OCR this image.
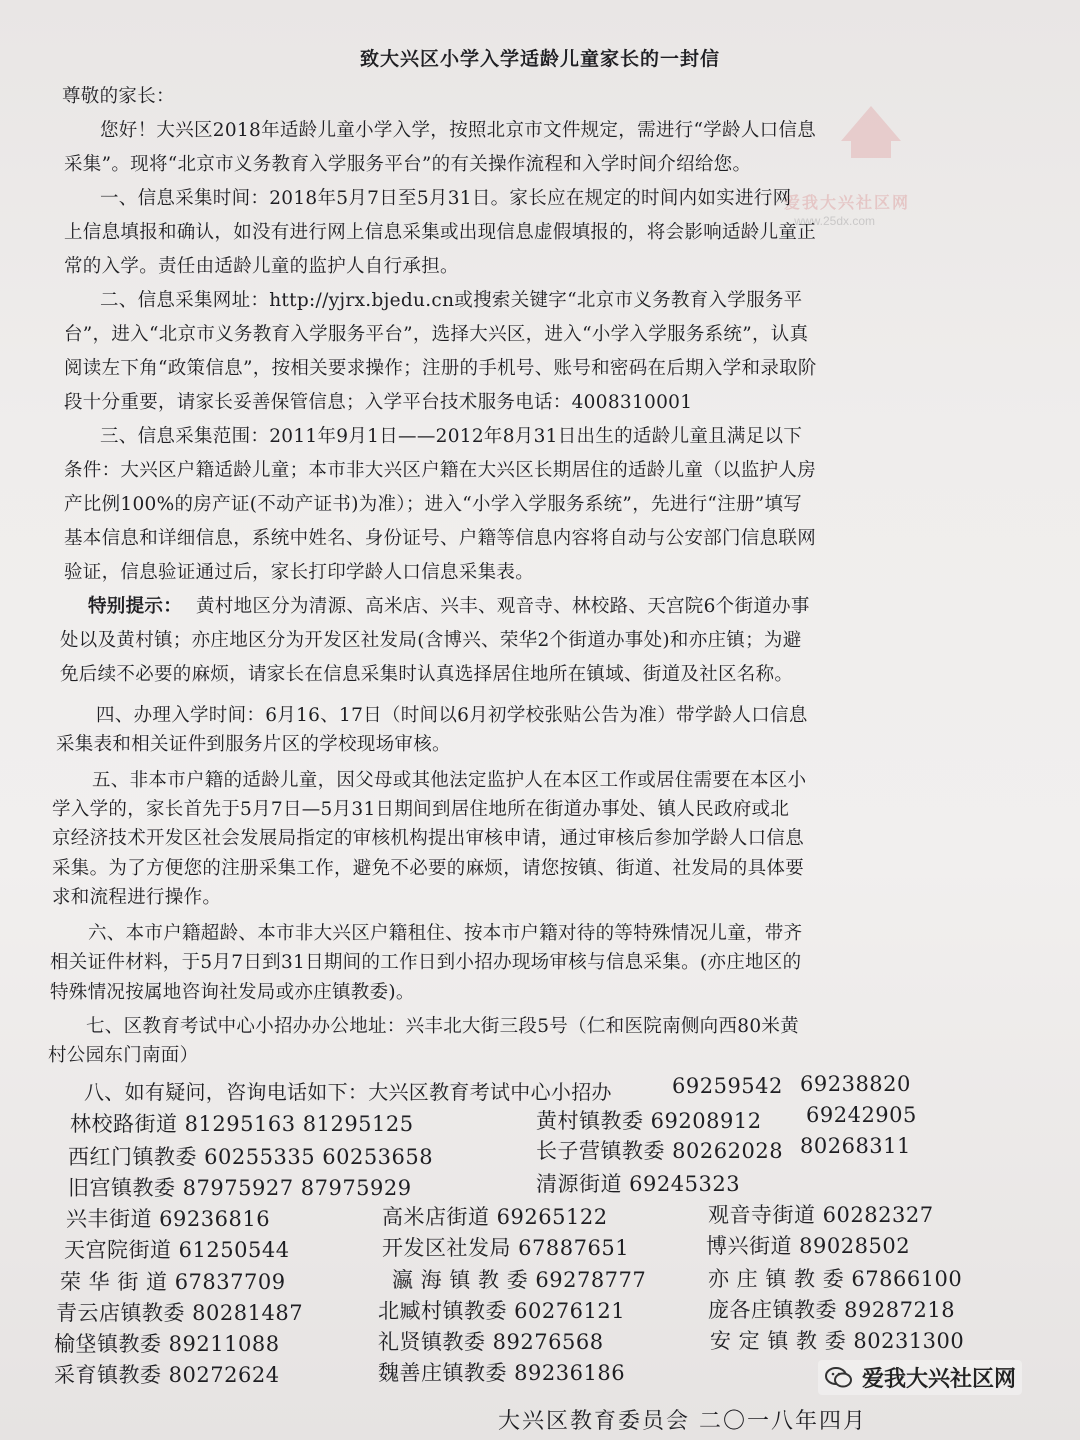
爱我大兴社区网
www.25dx.com
致大兴区小学入学适龄儿童家长的一封信
尊敬的家长：
您好！大兴区2018年适龄儿童小学入学，按照北京市文件规定，需进行“学龄人口信息
采集”。现将“北京市义务教育入学服务平台”的有关操作流程和入学时间介绍给您。
一、信息采集时间：2018年5月7日至5月31日。家长应在规定的时间内如实进行网
上信息填报和确认，如没有进行网上信息采集或出现信息虚假填报的，将会影响适龄儿童正
常的入学。责任由适龄儿童的监护人自行承担。
二、信息采集网址：http://yjrx.bjedu.cn或搜索关键字“北京市义务教育入学服务平
台”，进入“北京市义务教育入学服务平台”，选择大兴区，进入“小学入学服务系统”，认真
阅读左下角“政策信息”，按相关要求操作；注册的手机号、账号和密码在后期入学和录取阶
段十分重要，请家长妥善保管信息；入学平台技术服务电话：4008310001
三、信息采集范围：2011年9月1日——2012年8月31日出生的适龄儿童且满足以下
条件：大兴区户籍适龄儿童；本市非大兴区户籍在大兴区长期居住的适龄儿童（以监护人房
产比例100%的房产证(不动产证书)为准）；进入“小学入学服务系统”，先进行“注册”填写
基本信息和详细信息，系统中姓名、身份证号、户籍等信息内容将自动与公安部门信息联网
验证，信息验证通过后，家长打印学龄人口信息采集表。
特别提示： 黄村地区分为清源、高米店、兴丰、观音寺、林校路、天宫院6个街道办事
处以及黄村镇；亦庄地区分为开发区社发局(含博兴、荣华2个街道办事处)和亦庄镇；为避
免后续不必要的麻烦，请家长在信息采集时认真选择居住地所在镇域、街道及社区名称。
四、办理入学时间：6月16、17日（时间以6月初学校张贴公告为准）带学龄人口信息
采集表和相关证件到服务片区的学校现场审核。
五、非本市户籍的适龄儿童，因父母或其他法定监护人在本区工作或居住需要在本区小
学入学的，家长首先于5月7日—5月31日期间到居住地所在街道办事处、镇人民政府或北
京经济技术开发区社会发展局指定的审核机构提出审核申请，通过审核后参加学龄人口信息
采集。为了方便您的注册采集工作，避免不必要的麻烦，请您按镇、街道、社发局的具体要
求和流程进行操作。
六、本市户籍超龄、本市非大兴区户籍租住、按本市户籍对待的等特殊情况儿童，带齐
相关证件材料，于5月7日到31日期间的工作日到小招办现场审核与信息采集。(亦庄地区的
特殊情况按属地咨询社发局或亦庄镇教委)。
七、区教育考试中心小招办办公地址：兴丰北大街三段5号（仁和医院南侧向西80米黄
村公园东门南面）
八、如有疑问，咨询电话如下：大兴区教育考试中心小招办	69259542 69238820
林校路街道 81295163 81295125	黄村镇教委 69208912 69242905
西红门镇教委 60255335 60253658	长子营镇教委 80262028 80268311
旧宫镇教委 87975927 87975929	清源街道 69245323
兴丰街道 69236816	高米店街道 69265122	观音寺街道 60282327
天宫院街道 61250544	开发区社发局 67887651	博兴街道 89028502
荣 华 街 道 67837709	瀛 海 镇 教 委 69278777	亦 庄 镇 教 委 67866100
青云店镇教委 80281487	北臧村镇教委 60276121	庞各庄镇教委 89287218
榆垡镇教委 89211088	礼贤镇教委 89276568	安 定 镇 教 委 80231300
采育镇教委 80272624	魏善庄镇教委 89236186
大兴区教育委员会 二〇一八年四月
爱我大兴社区网
